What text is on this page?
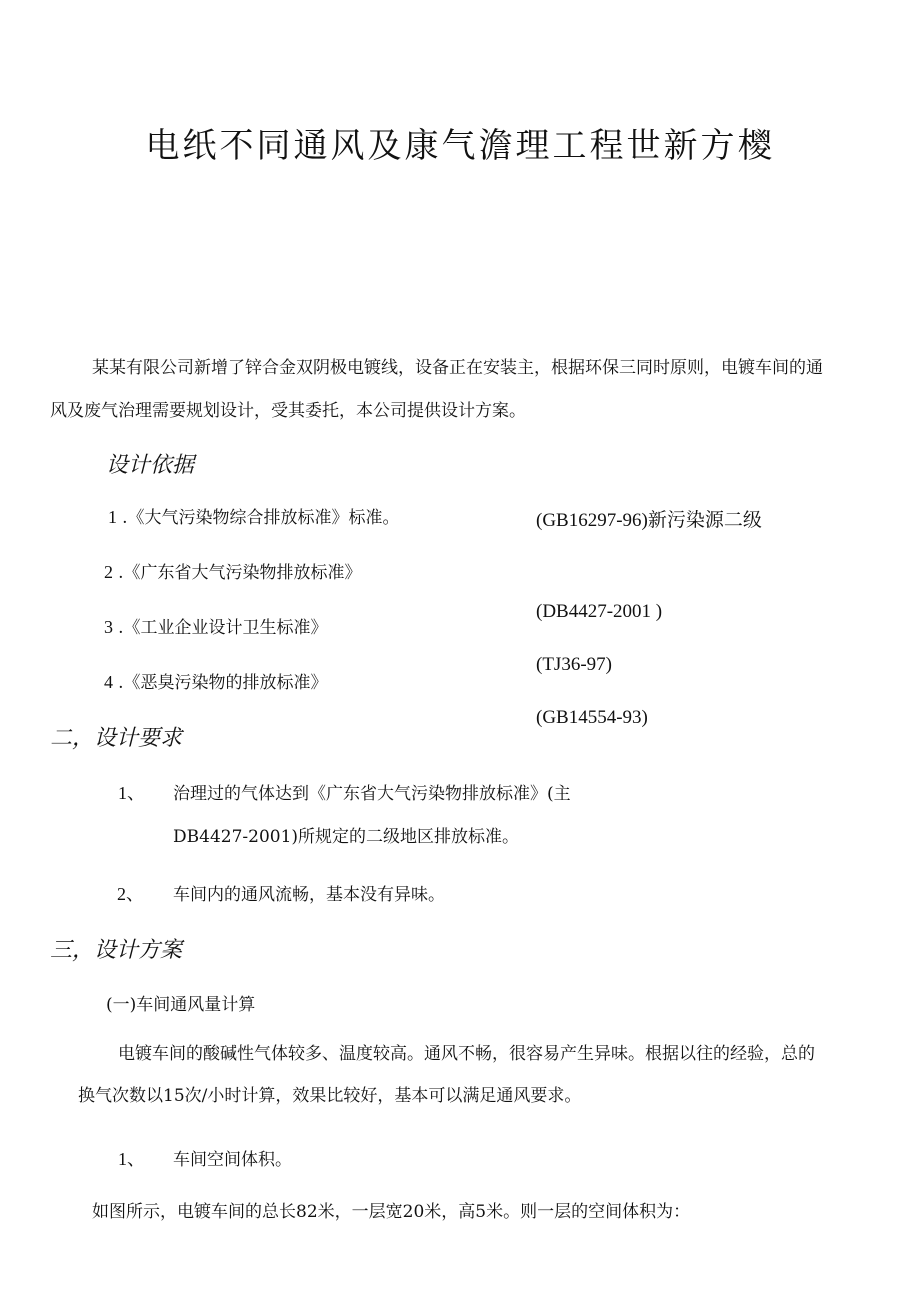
电纸不同通风及康气澹理工程世新方㯶
某某有限公司新增了锌合金双阴极电镀线，设备正在安装主，根据环保三同时原则，电镀车间的通
风及废气治理需要规划设计，受其委托，本公司提供设计方案。
设计依据
1 .《大气污染物综合排放标准》标准。
2 .《广东省大气污染物排放标准》
3 .《工业企业设计卫生标准》
4 .《恶臭污染物的排放标准》
(GB16297-96)新污染源二级
(DB4427-2001 )
(TJ36-97)
(GB14554-93)
二，设计要求
1、 治理过的气体达到《广东省大气污染物排放标准》(主
DB4427-2001)所规定的二级地区排放标准。
2、 车间内的通风流畅，基本没有异味。
三，设计方案
(一)车间通风量计算
电镀车间的酸碱性气体较多、温度较高。通风不畅，很容易产生异味。根据以往的经验，总的
换气次数以15次/小时计算，效果比较好，基本可以满足通风要求。
1、 车间空间体积。
如图所示，电镀车间的总长82米，一层宽20米，高5米。则一层的空间体积为：
